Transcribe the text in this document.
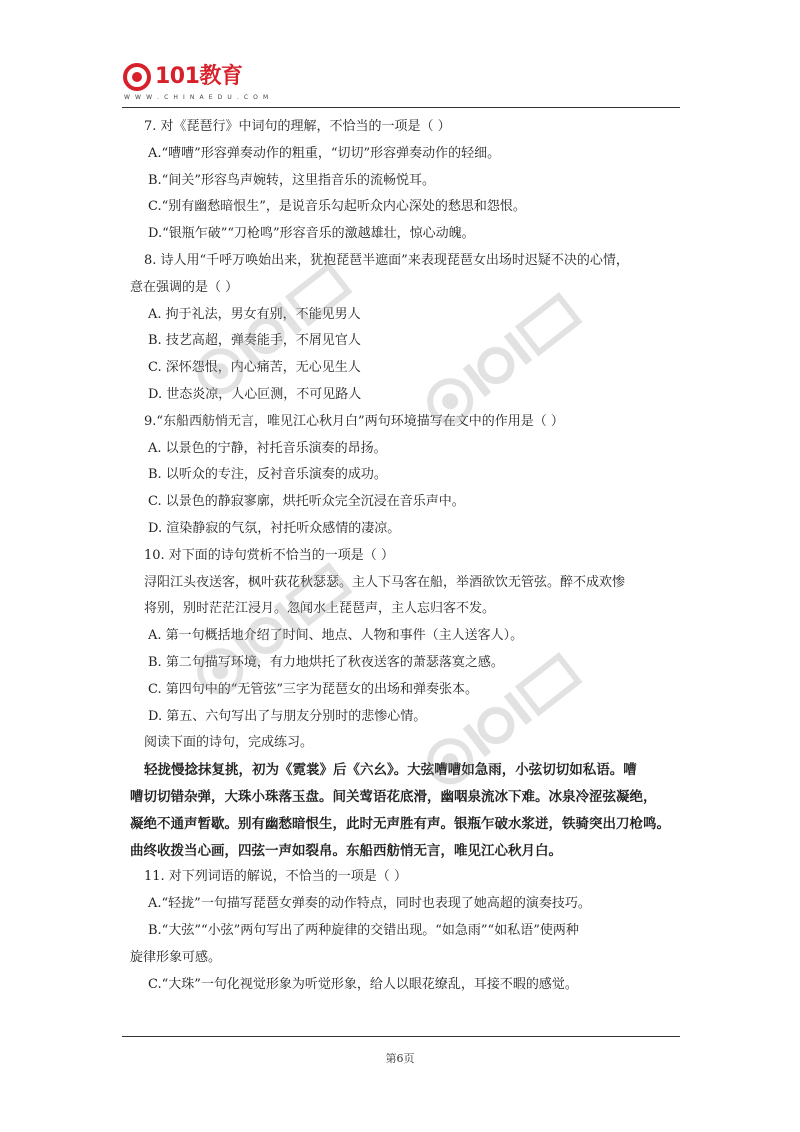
101教育
W W W . C H I N A E D U . C O M
7. 对《琵琶行》中词句的理解，不恰当的一项是（ ）
A.“嘈嘈”形容弹奏动作的粗重，“切切”形容弹奏动作的轻细。
B.“间关”形容鸟声婉转，这里指音乐的流畅悦耳。
C.“别有幽愁暗恨生”，是说音乐勾起听众内心深处的愁思和怨恨。
D.“银瓶乍破”“刀枪鸣”形容音乐的激越雄壮，惊心动魄。
8. 诗人用“千呼万唤始出来，犹抱琵琶半遮面”来表现琵琶女出场时迟疑不决的心情，
意在强调的是（ ）
A. 拘于礼法，男女有别，不能见男人
B. 技艺高超，弹奏能手，不屑见官人
C. 深怀怨恨，内心痛苦，无心见生人
D. 世态炎凉，人心叵测，不可见路人
9.“东船西舫悄无言，唯见江心秋月白”两句环境描写在文中的作用是（ ）
A. 以景色的宁静，衬托音乐演奏的昂扬。
B. 以听众的专注，反衬音乐演奏的成功。
C. 以景色的静寂寥廓，烘托听众完全沉浸在音乐声中。
D. 渲染静寂的气氛，衬托听众感情的凄凉。
10. 对下面的诗句赏析不恰当的一项是（ ）
浔阳江头夜送客，枫叶荻花秋瑟瑟。主人下马客在船，举酒欲饮无管弦。醉不成欢惨
将别，别时茫茫江浸月。忽闻水上琵琶声，主人忘归客不发。
A. 第一句概括地介绍了时间、地点、人物和事件（主人送客人）。
B. 第二句描写环境，有力地烘托了秋夜送客的萧瑟落寞之感。
C. 第四句中的“无管弦”三字为琵琶女的出场和弹奏张本。
D. 第五、六句写出了与朋友分别时的悲惨心情。
阅读下面的诗句，完成练习。
轻拢慢捻抹复挑，初为《霓裳》后《六幺》。大弦嘈嘈如急雨，小弦切切如私语。嘈
嘈切切错杂弹，大珠小珠落玉盘。间关莺语花底滑，幽咽泉流冰下难。冰泉冷涩弦凝绝，
凝绝不通声暂歇。别有幽愁暗恨生，此时无声胜有声。银瓶乍破水浆迸，铁骑突出刀枪鸣。
曲终收拨当心画，四弦一声如裂帛。东船西舫悄无言，唯见江心秋月白。
11. 对下列词语的解说，不恰当的一项是（ ）
A.“轻拢”一句描写琵琶女弹奏的动作特点，同时也表现了她高超的演奏技巧。
B.“大弦”“小弦”两句写出了两种旋律的交错出现。“如急雨”“如私语”使两种
旋律形象可感。
C.“大珠”一句化视觉形象为听觉形象，给人以眼花缭乱，耳接不暇的感觉。
第6页
